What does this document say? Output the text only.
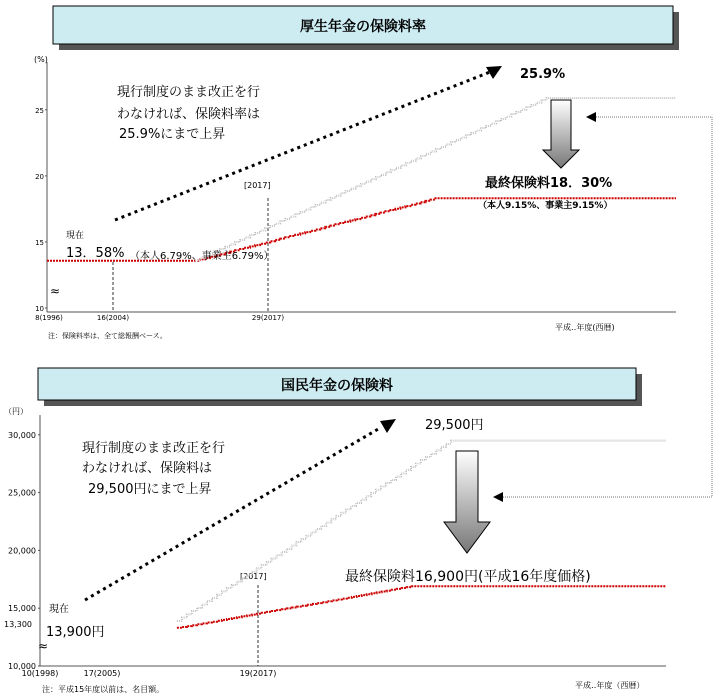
厚生年金の保険料率
(%)
10
15
20
25
≈
8(1996)	16(2004)	29(2017)
平成‥年度(西暦)
注：保険料率は、全て総報酬ベース。
[2017]
現行制度のまま改正を行
わなければ、保険料率は
25.9%にまで上昇
25.9%
最終保険料18．30%
（本人9.15%、事業主9.15%）
現在
13．58% （本人6.79%、事業主6.79%）
国民年金の保険料
（円）
10,000
15,000
20,000
25,000
30,000
13,300
≈
10(1998)	17(2005)	19(2017)
平成‥年度（西暦）
注：平成15年度以前は、名目額。
[2017]
現行制度のまま改正を行
わなければ、保険料は
29,500円にまで上昇
29,500円
最終保険料16,900円(平成16年度価格)
現在
13,900円
